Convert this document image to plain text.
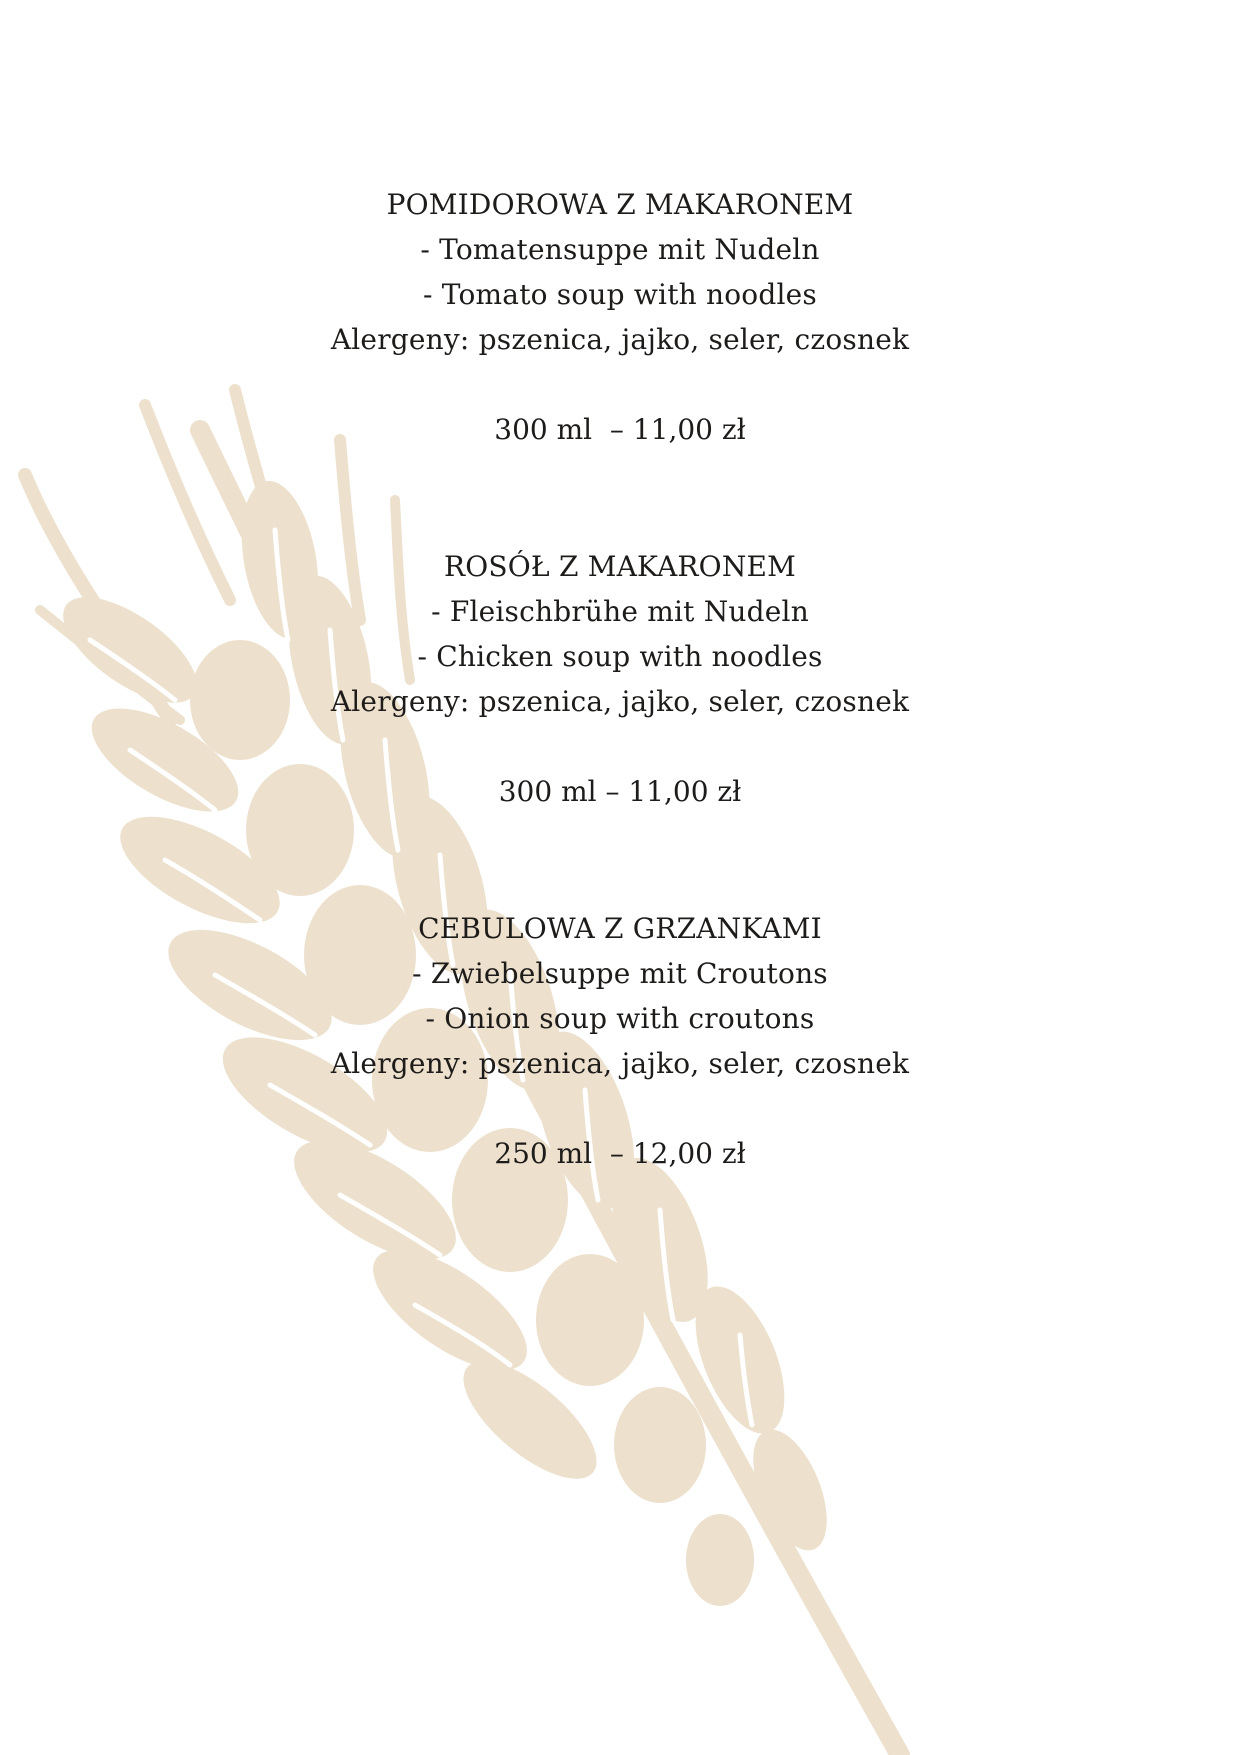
POMIDOROWA Z MAKARONEM
- Tomatensuppe mit Nudeln
- Tomato soup with noodles
Alergeny: pszenica, jajko, seler, czosnek
300 ml  – 11,00 zł
ROSÓŁ Z MAKARONEM
- Fleischbrühe mit Nudeln
- Chicken soup with noodles
Alergeny: pszenica, jajko, seler, czosnek
300 ml – 11,00 zł
CEBULOWA Z GRZANKAMI
- Zwiebelsuppe mit Croutons
- Onion soup with croutons
Alergeny: pszenica, jajko, seler, czosnek
250 ml  – 12,00 zł
